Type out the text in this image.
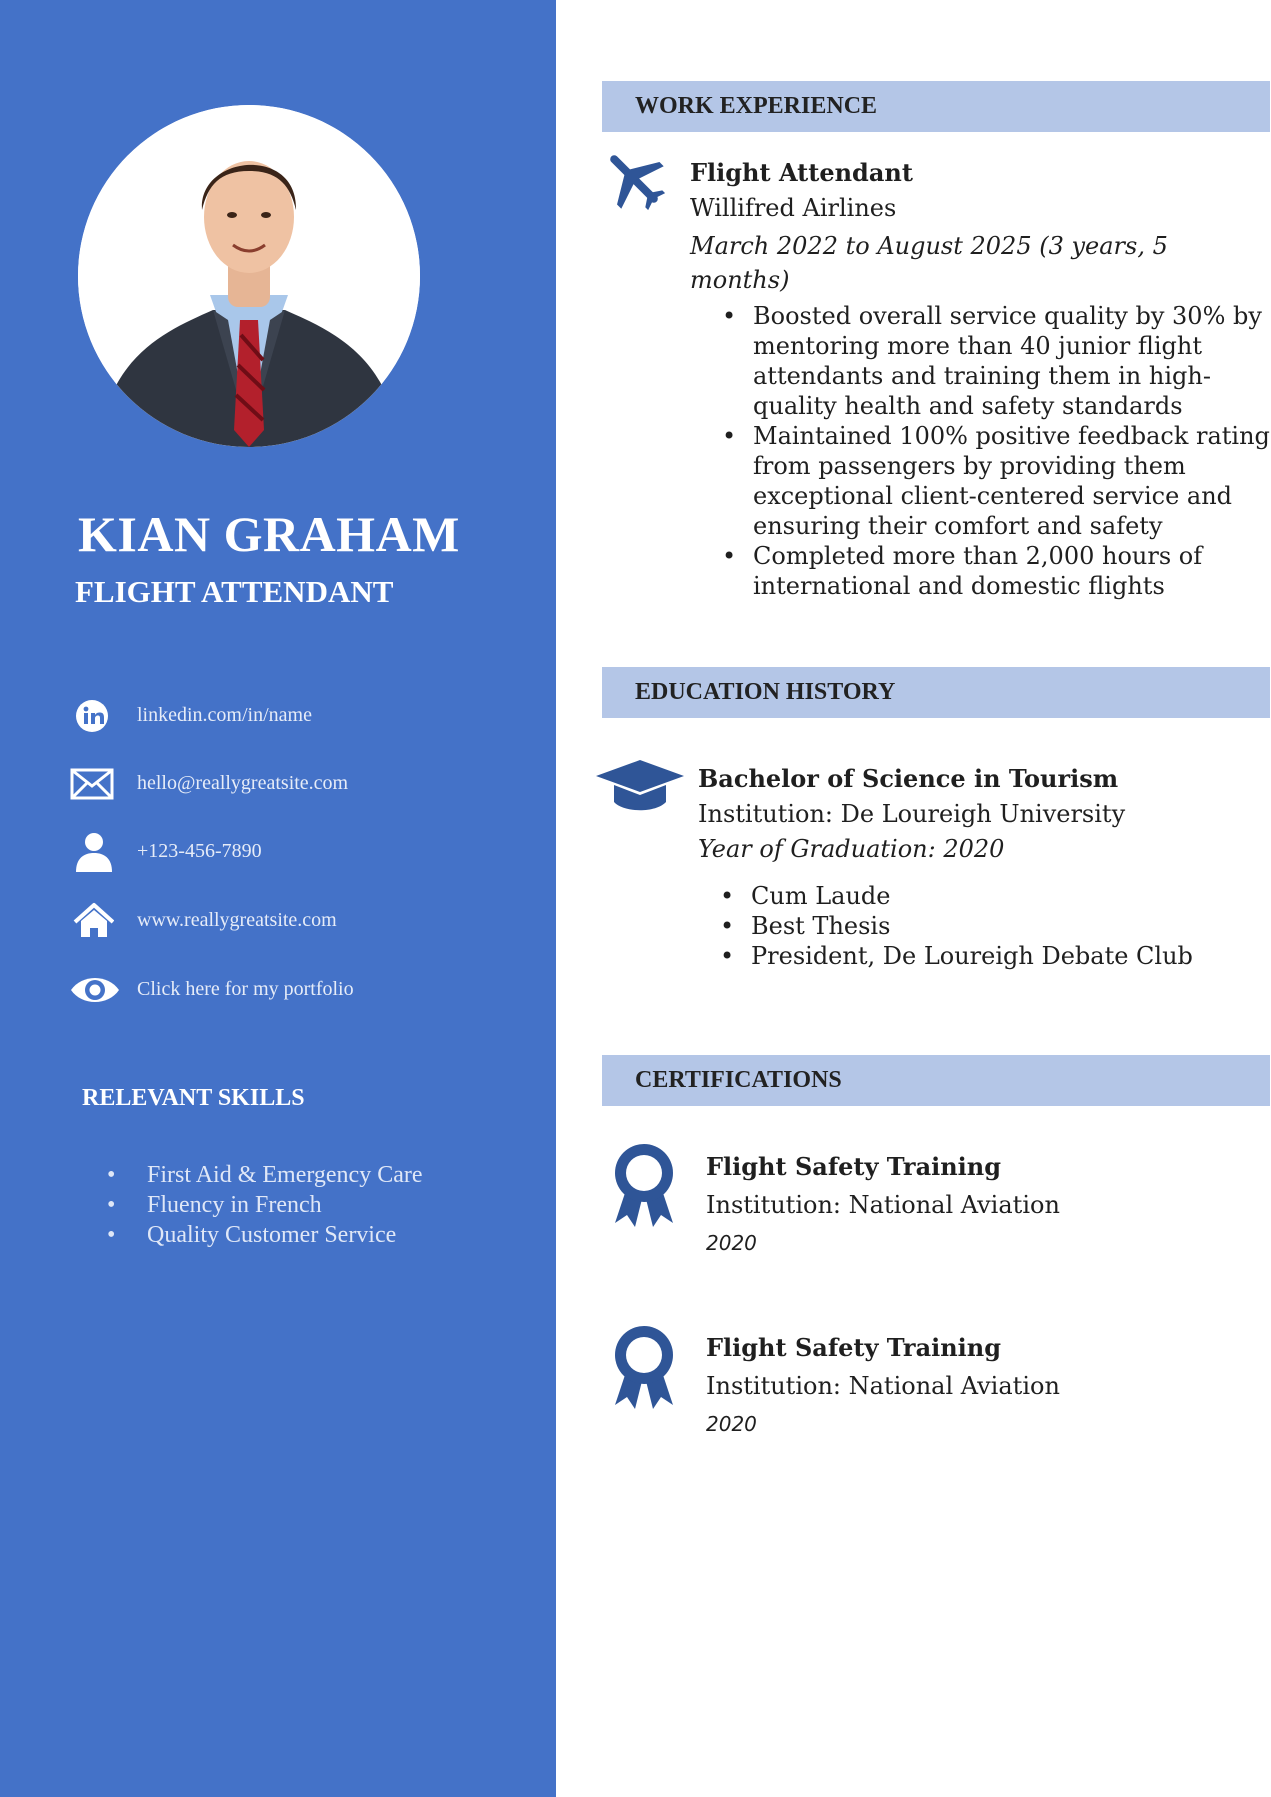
KIAN GRAHAM
FLIGHT ATTENDANT
linkedin.com/in/name
hello@reallygreatsite.com
+123-456-7890
www.reallygreatsite.com
Click here for my portfolio
RELEVANT SKILLS
• First Aid & Emergency Care
• Fluency in French
• Quality Customer Service
WORK EXPERIENCE
Flight Attendant
Willifred Airlines
March 2022 to August 2025 (3 years, 5
months)
• Boosted overall service quality by 30% by
mentoring more than 40 junior flight
attendants and training them in high-
quality health and safety standards
• Maintained 100% positive feedback rating
from passengers by providing them
exceptional client-centered service and
ensuring their comfort and safety
• Completed more than 2,000 hours of
international and domestic flights
EDUCATION HISTORY
Bachelor of Science in Tourism
Institution: De Loureigh University
Year of Graduation: 2020
• Cum Laude
• Best Thesis
• President, De Loureigh Debate Club
CERTIFICATIONS
Flight Safety Training
Institution: National Aviation
2020
Flight Safety Training
Institution: National Aviation
2020
